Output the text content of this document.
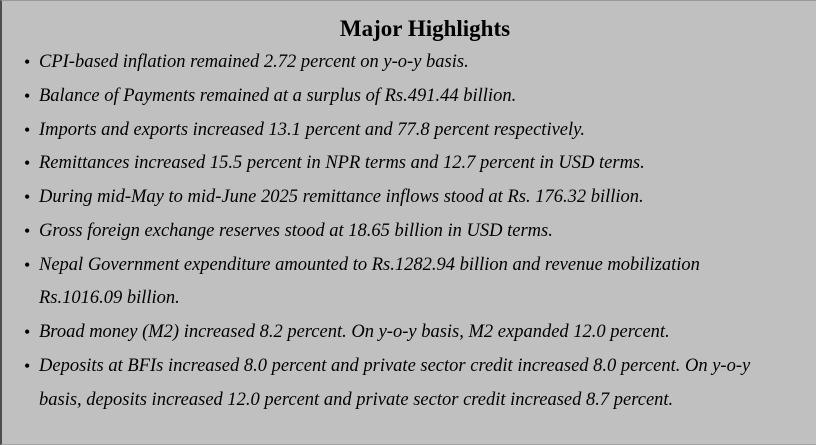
Major Highlights
• CPI-based inflation remained 2.72 percent on y-o-y basis.
• Balance of Payments remained at a surplus of Rs.491.44 billion.
• Imports and exports increased 13.1 percent and 77.8 percent respectively.
• Remittances increased 15.5 percent in NPR terms and 12.7 percent in USD terms.
• During mid-May to mid-June 2025 remittance inflows stood at Rs. 176.32 billion.
• Gross foreign exchange reserves stood at 18.65 billion in USD terms.
• Nepal Government expenditure amounted to Rs.1282.94 billion and revenue mobilization Rs.1016.09 billion.
• Broad money (M2) increased 8.2 percent. On y-o-y basis, M2 expanded 12.0 percent.
• Deposits at BFIs increased 8.0 percent and private sector credit increased 8.0 percent. On y-o-y basis, deposits increased 12.0 percent and private sector credit increased 8.7 percent.
